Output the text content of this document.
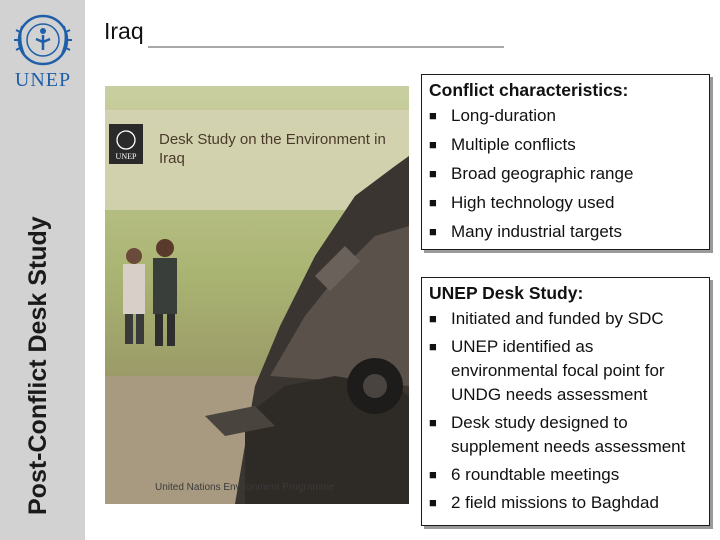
UNEP
Post-Conflict Desk Study
Iraq
UNEP
Desk Study on the Environment in Iraq
United Nations Environment Programme
Conflict characteristics:
■ Long-duration
■ Multiple conflicts
■ Broad geographic range
■ High technology used
■ Many industrial targets
UNEP Desk Study:
■ Initiated and funded by SDC
■ UNEP identified as environmental focal point for UNDG needs assessment
■ Desk study designed to supplement needs assessment
■ 6 roundtable meetings
■ 2 field missions to Baghdad
